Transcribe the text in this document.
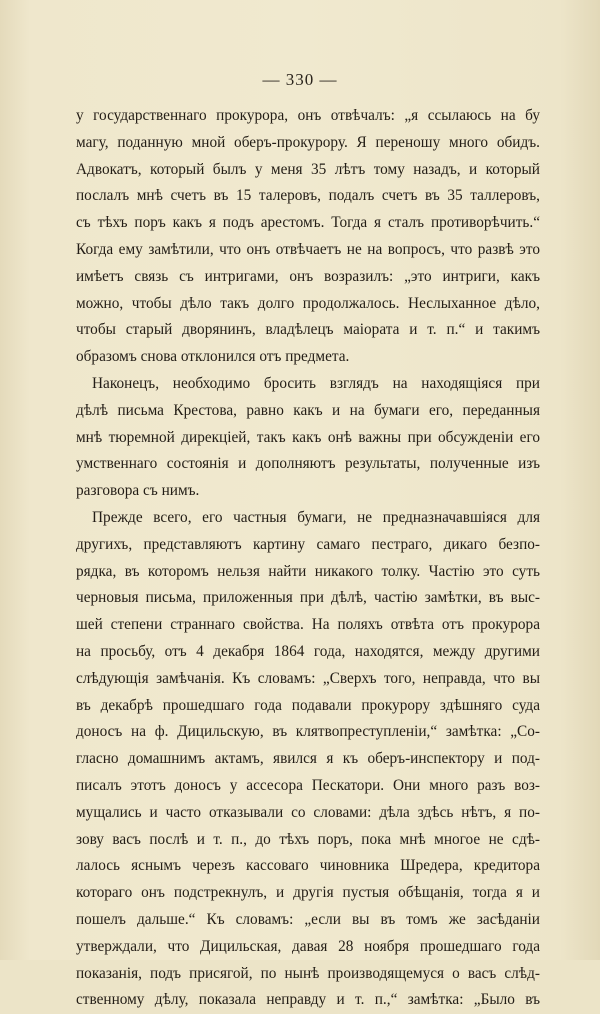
— 330 —
у государственнаго прокурора, онъ отвѣчалъ: „я ссылаюсь на бу
магу, поданную мной оберъ-прокурору. Я переношу много обидъ.
Адвокатъ, который былъ у меня 35 лѣтъ тому назадъ, и который
послалъ мнѣ счетъ въ 15 талеровъ, подалъ счетъ въ 35 таллеровъ,
съ тѣхъ поръ какъ я подъ арестомъ. Тогда я сталъ противорѣчить.“
Когда ему замѣтили, что онъ отвѣчаетъ не на вопросъ, что развѣ это
имѣетъ связь съ интригами, онъ возразилъ: „это интриги, какъ
можно, чтобы дѣло такъ долго продолжалось. Неслыханное дѣло,
чтобы старый дворянинъ, владѣлецъ маіората и т. п.“ и такимъ
образомъ снова отклонился отъ предмета.
Наконецъ, необходимо бросить взглядъ на находящіяся при
дѣлѣ письма Крестова, равно какъ и на бумаги его, переданныя
мнѣ тюремной дирекціей, такъ какъ онѣ важны при обсужденіи его
умственнаго состоянія и дополняютъ результаты, полученные изъ
разговора съ нимъ.
Прежде всего, его частныя бумаги, не предназначавшіяся для
другихъ, представляютъ картину самаго пестраго, дикаго безпо-
рядка, въ которомъ нельзя найти никакого толку. Частію это суть
черновыя письма, приложенныя при дѣлѣ, частію замѣтки, въ выс-
шей степени страннаго свойства. На поляхъ отвѣта отъ прокурора
на просьбу, отъ 4 декабря 1864 года, находятся, между другими
слѣдующія замѣчанія. Къ словамъ: „Сверхъ того, неправда, что вы
въ декабрѣ прошедшаго года подавали прокурору здѣшняго суда
доносъ на ф. Дицильскую, въ клятвопреступленіи,“ замѣтка: „Со-
гласно домашнимъ актамъ, явился я къ оберъ-инспектору и под-
писалъ этотъ доносъ у ассесора Пескатори. Они много разъ воз-
мущались и часто отказывали со словами: дѣла здѣсь нѣтъ, я по-
зову васъ послѣ и т. п., до тѣхъ поръ, пока мнѣ многое не сдѣ-
лалось яснымъ черезъ кассоваго чиновника Шредера, кредитора
котораго онъ подстрекнулъ, и другія пустыя обѣщанія, тогда я и
пошелъ дальше.“ Къ словамъ: „если вы въ томъ же засѣданіи
утверждали, что Дицильская, давая 28 ноября прошедшаго года
показанія, подъ присягой, по нынѣ производящемуся о васъ слѣд-
ственному дѣлу, показала неправду и т. п.,“ замѣтка: „Было въ
